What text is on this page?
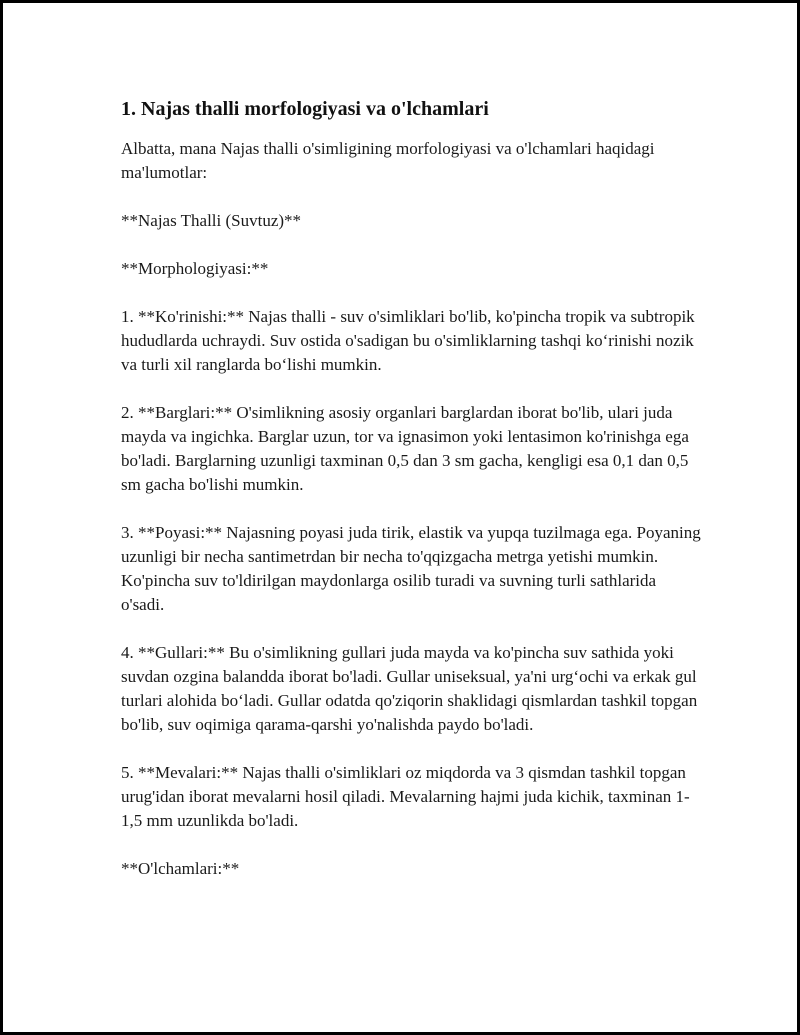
1. Najas thalli morfologiyasi va o'lchamlari

Albatta, mana Najas thalli o'simligining morfologiyasi va o'lchamlari haqidagi ma'lumotlar:

**Najas Thalli (Suvtuz)**

**Morphologiyasi:**

1. **Ko'rinishi:** Najas thalli - suv o'simliklari bo'lib, ko'pincha tropik va subtropik hududlarda uchraydi. Suv ostida o'sadigan bu o'simliklarning tashqi ko‘rinishi nozik va turli xil ranglarda bo‘lishi mumkin.

2. **Barglari:** O'simlikning asosiy organlari barglardan iborat bo'lib, ulari juda mayda va ingichka. Barglar uzun, tor va ignasimon yoki lentasimon ko'rinishga ega bo'ladi. Barglarning uzunligi taxminan 0,5 dan 3 sm gacha, kengligi esa 0,1 dan 0,5 sm gacha bo'lishi mumkin.

3. **Poyasi:** Najasning poyasi juda tirik, elastik va yupqa tuzilmaga ega. Poyaning uzunligi bir necha santimetrdan bir necha to'qqizgacha metrga yetishi mumkin. Ko'pincha suv to'ldirilgan maydonlarga osilib turadi va suvning turli sathlarida o'sadi.

4. **Gullari:** Bu o'simlikning gullari juda mayda va ko'pincha suv sathida yoki suvdan ozgina balandda iborat bo'ladi. Gullar uniseksual, ya'ni urg‘ochi va erkak gul turlari alohida bo‘ladi. Gullar odatda qo'ziqorin shaklidagi qismlardan tashkil topgan bo'lib, suv oqimiga qarama-qarshi yo'nalishda paydo bo'ladi.

5. **Mevalari:** Najas thalli o'simliklari oz miqdorda va 3 qismdan tashkil topgan urug'idan iborat mevalarni hosil qiladi. Mevalarning hajmi juda kichik, taxminan 1-1,5 mm uzunlikda bo'ladi.

**O'lchamlari:**
